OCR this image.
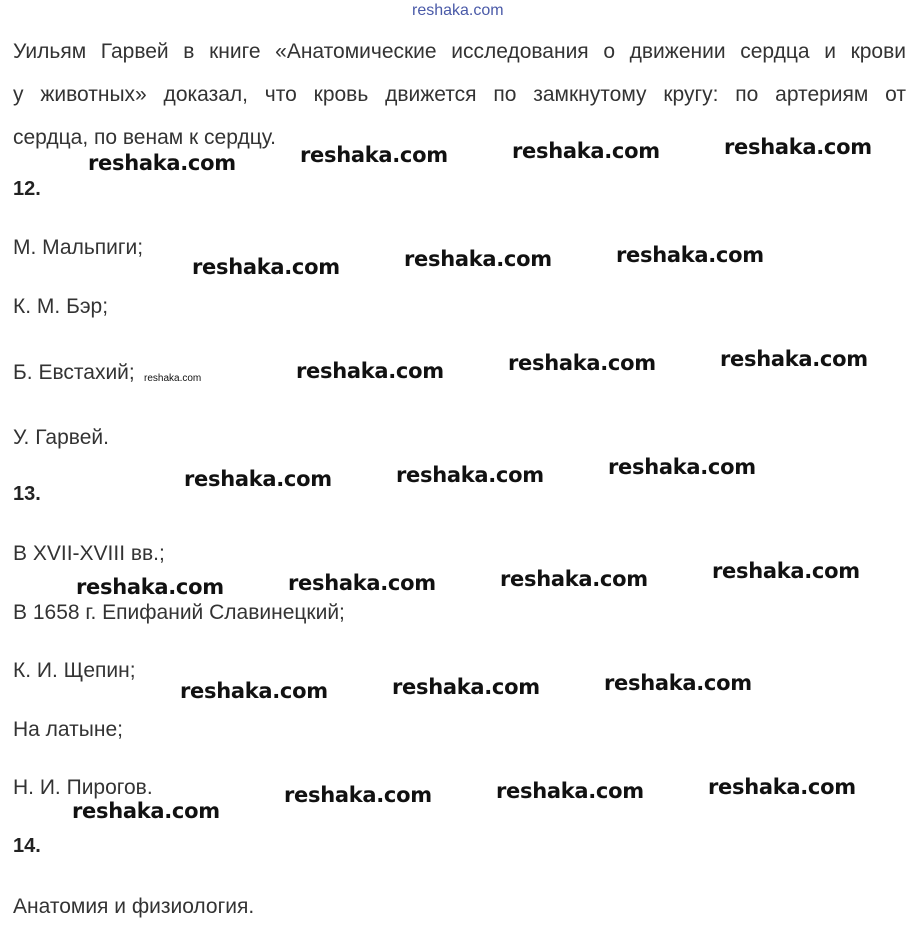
reshaka.com
Уильям Гарвей в книге «Анатомические исследования о движении сердца и крови
у животных» доказал, что кровь движется по замкнутому кругу: по артериям от
сердца, по венам к сердцу.

12.

М. Мальпиги;

К. М. Бэр;

Б. Евстахий;

У. Гарвей.

13.

В XVII-XVIII вв.;

В 1658 г. Епифаний Славинецкий;

К. И. Щепин;

На латыне;

Н. И. Пирогов.

14.

Анатомия и физиология.

reshaka.com
reshaka.com	reshaka.com	reshaka.com	reshaka.com
reshaka.com	reshaka.com	reshaka.com
reshaka.com	reshaka.com	reshaka.com
reshaka.com	reshaka.com	reshaka.com
reshaka.com	reshaka.com	reshaka.com	reshaka.com
reshaka.com	reshaka.com	reshaka.com
reshaka.com
reshaka.com	reshaka.com	reshaka.com
